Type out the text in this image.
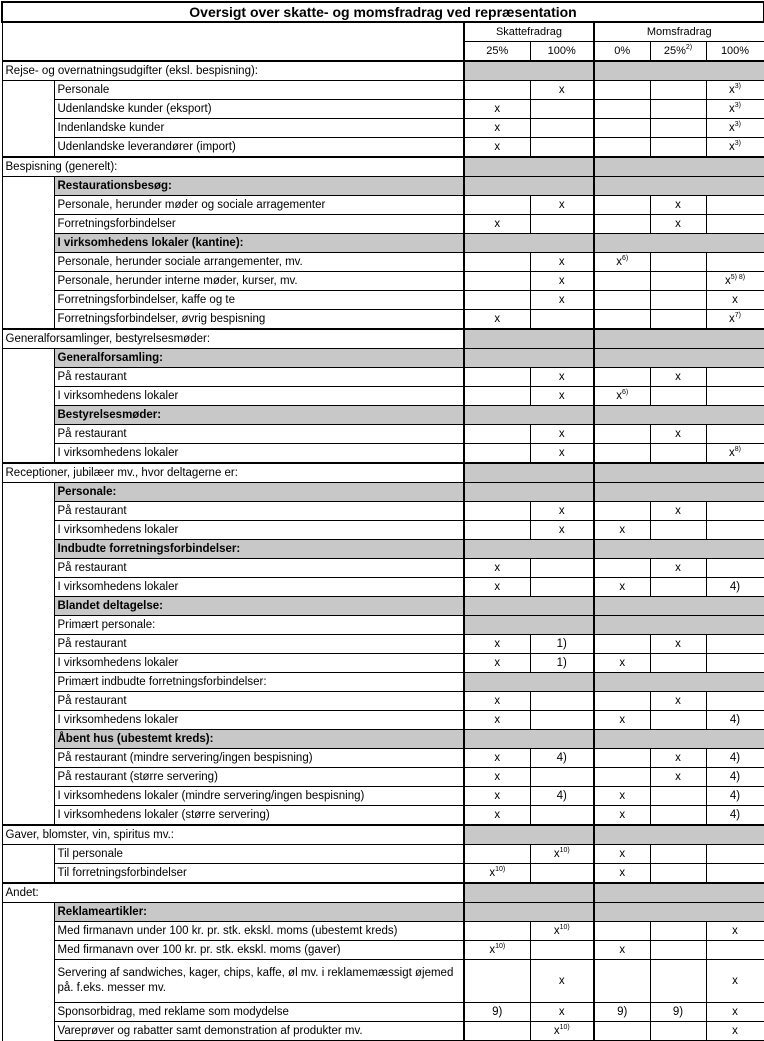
Oversigt over skatte- og momsfradrag ved repræsentation						
		Skattefradrag		Momsfradrag		
		25%	100%	0%	25%$^{2)}$	100%
Rejse- og overnatningsudgifter (eksl. bespisning):						
	Personale		x			$x^{3)}$
	Udenlandske kunder (eksport)	x				$x^{3)}$
	Indenlandske kunder	x				$x^{3)}$
	Udenlandske leverandører (import)	x				$x^{3)}$
Bespisning (generelt):						
	Restaurationsbesøg:					
	Personale, herunder møder og sociale arragementer		x		x	
	Forretningsforbindelser	x			x	
	I virksomhedens lokaler (kantine):					
	Personale, herunder sociale arrangementer, mv.		x	$x^{6)}$		
	Personale, herunder interne møder, kurser, mv.		x			$x^{5) 8)}$
	Forretningsforbindelser, kaffe og te		x			x
	Forretningsforbindelser, øvrig bespisning	x				$x^{7)}$
Generalforsamlinger, bestyrelsesmøder:						
	Generalforsamling:					
	På restaurant		x		x	
	I virksomhedens lokaler		x	$x^{6)}$		
	Bestyrelsesmøder:					
	På restaurant		x		x	
	I virksomhedens lokaler		x			$x^{8)}$
Receptioner, jubilæer mv., hvor deltagerne er:						
	Personale:					
	På restaurant		x		x	
	I virksomhedens lokaler		x	x		
	Indbudte forretningsforbindelser:					
	På restaurant	x			x	
	I virksomhedens lokaler	x		x		4)
	Blandet deltagelse:					
	Primært personale:					
	På restaurant	x	1)		x	
	I virksomhedens lokaler	x	1)	x		
	Primært indbudte forretningsforbindelser:					
	På restaurant	x			x	
	I virksomhedens lokaler	x		x		4)
	Åbent hus (ubestemt kreds):					
	På restaurant (mindre servering/ingen bespisning)	x	4)		x	4)
	På restaurant (større servering)	x			x	4)
	I virksomhedens lokaler (mindre servering/ingen bespisning)	x	4)	x		4)
	I virksomhedens lokaler (større servering)	x		x		4)
Gaver, blomster, vin, spiritus mv.:						
	Til personale		$x^{10)}$	x		
	Til forretningsforbindelser	$x^{10)}$		x		
Andet:						
	Reklameartikler:					
	Med firmanavn under 100 kr. pr. stk. ekskl. moms (ubestemt kreds)		$x^{10)}$			x
	Med firmanavn over 100 kr. pr. stk. ekskl. moms (gaver)	$x^{10)}$		x		
	Servering af sandwiches, kager, chips, kaffe, øl mv. i reklamemæssigt øjemed på. f.eks. messer mv.		x			x
	Sponsorbidrag, med reklame som modydelse	9)	x	9)	9)	x
	Vareprøver og rabatter samt demonstration af produkter mv.		$x^{10)}$			x
